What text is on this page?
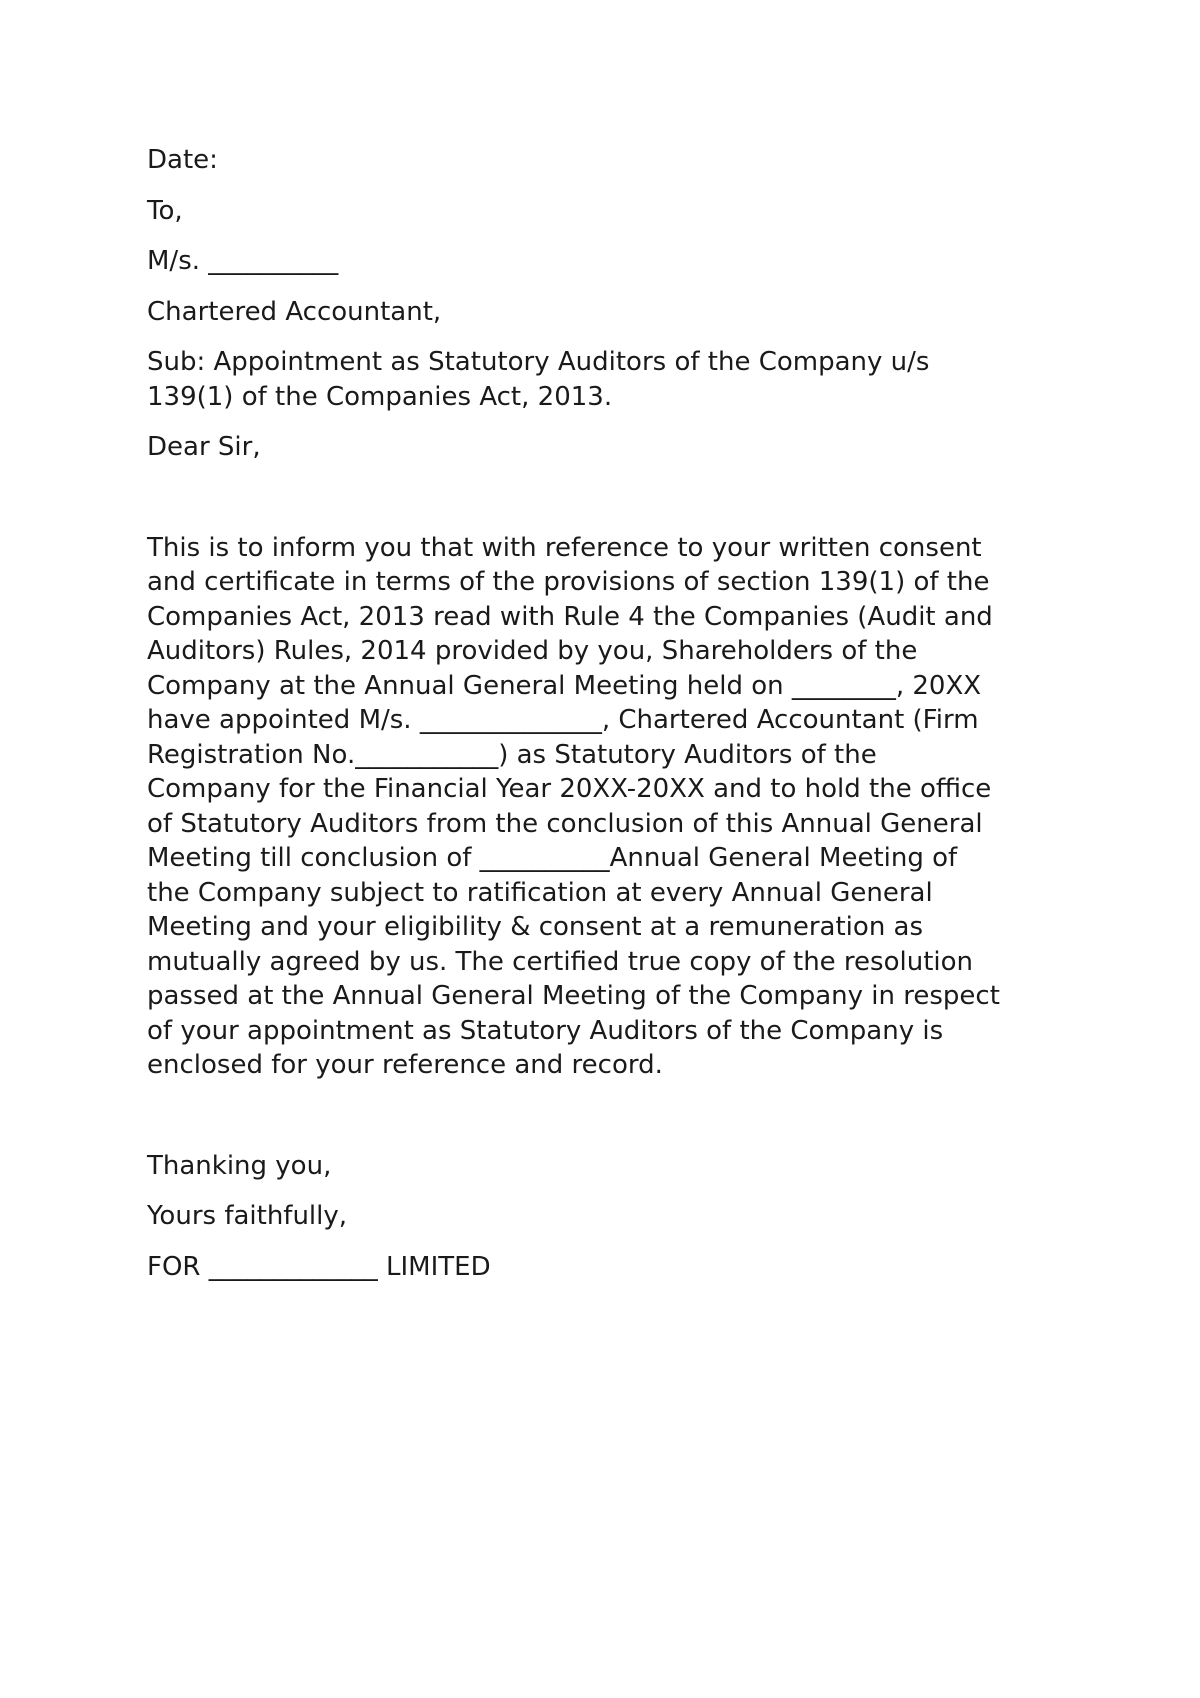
Date:
To,
M/s. __________
Chartered Accountant,
Sub: Appointment as Statutory Auditors of the Company u/s
139(1) of the Companies Act, 2013.
Dear Sir,
This is to inform you that with reference to your written consent
and certificate in terms of the provisions of section 139(1) of the
Companies Act, 2013 read with Rule 4 the Companies (Audit and
Auditors) Rules, 2014 provided by you, Shareholders of the
Company at the Annual General Meeting held on ________, 20XX
have appointed M/s. ______________, Chartered Accountant (Firm
Registration No.___________) as Statutory Auditors of the
Company for the Financial Year 20XX-20XX and to hold the office
of Statutory Auditors from the conclusion of this Annual General
Meeting till conclusion of __________Annual General Meeting of
the Company subject to ratification at every Annual General
Meeting and your eligibility & consent at a remuneration as
mutually agreed by us. The certified true copy of the resolution
passed at the Annual General Meeting of the Company in respect
of your appointment as Statutory Auditors of the Company is
enclosed for your reference and record.
Thanking you,
Yours faithfully,
FOR _____________ LIMITED
